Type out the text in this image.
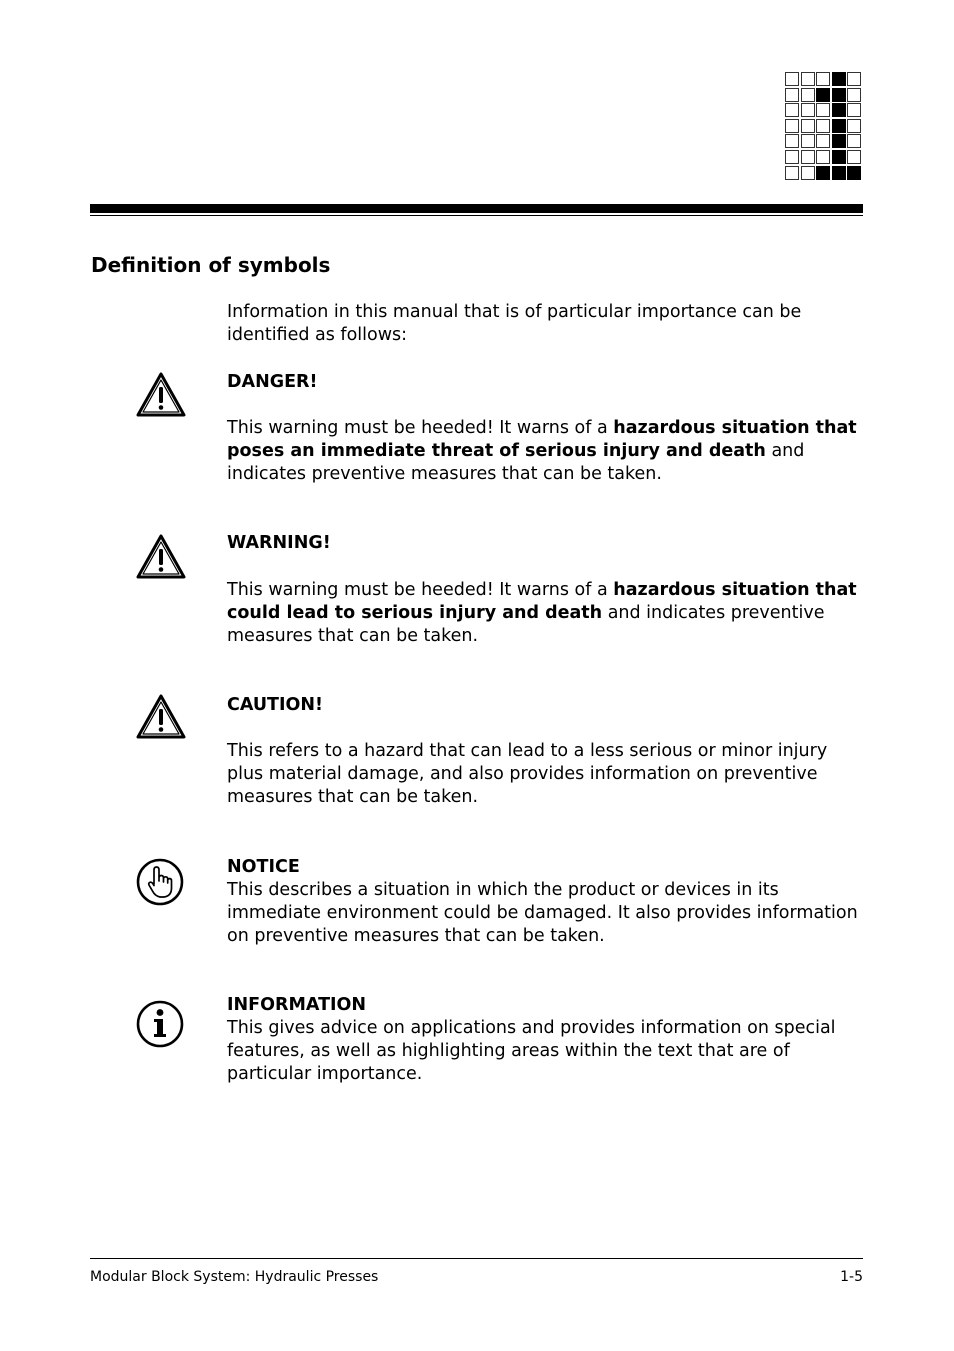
Definition of symbols

Information in this manual that is of particular importance can be identified as follows:

DANGER!

This warning must be heeded! It warns of a hazardous situation that poses an immediate threat of serious injury and death and indicates preventive measures that can be taken.

WARNING!

This warning must be heeded! It warns of a hazardous situation that could lead to serious injury and death and indicates preventive measures that can be taken.

CAUTION!

This refers to a hazard that can lead to a less serious or minor injury plus material damage, and also provides information on preventive measures that can be taken.

NOTICE

This describes a situation in which the product or devices in its immediate environment could be damaged. It also provides information on preventive measures that can be taken.

INFORMATION

This gives advice on applications and provides information on special features, as well as highlighting areas within the text that are of particular importance.

Modular Block System: Hydraulic Presses	1-5
